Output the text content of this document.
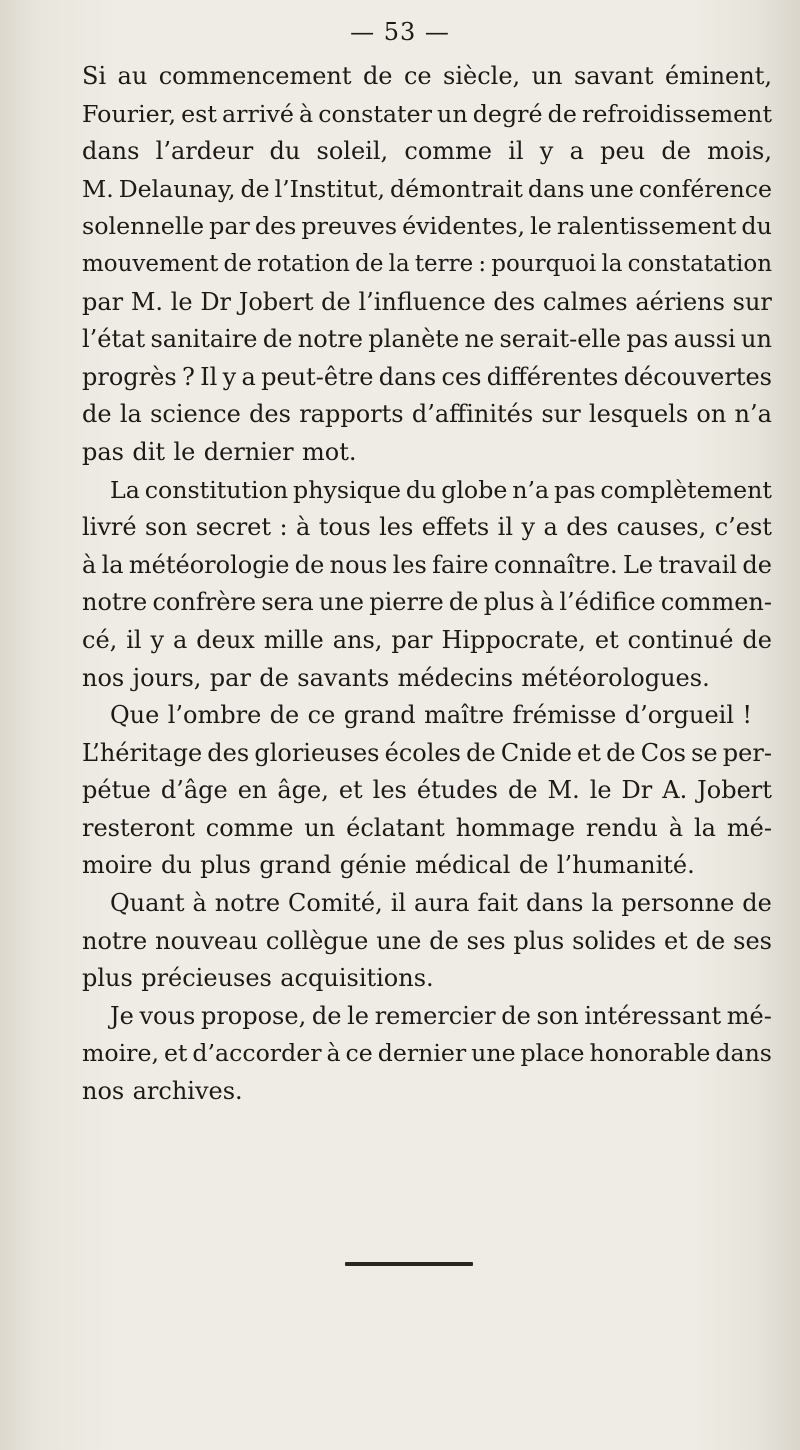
— 53 —
Si au commencement de ce siècle, un savant éminent,
Fourier, est arrivé à constater un degré de refroidissement
dans l’ardeur du soleil, comme il y a peu de mois,
M. Delaunay, de l’Institut, démontrait dans une conférence
solennelle par des preuves évidentes, le ralentissement du
mouvement de rotation de la terre : pourquoi la constatation
par M. le Dr Jobert de l’influence des calmes aériens sur
l’état sanitaire de notre planète ne serait-elle pas aussi un
progrès ? Il y a peut-être dans ces différentes découvertes
de la science des rapports d’affinités sur lesquels on n’a
pas dit le dernier mot.
La constitution physique du globe n’a pas complètement
livré son secret : à tous les effets il y a des causes, c’est
à la météorologie de nous les faire connaître. Le travail de
notre confrère sera une pierre de plus à l’édifice commen-
cé, il y a deux mille ans, par Hippocrate, et continué de
nos jours, par de savants médecins météorologues.
Que l’ombre de ce grand maître frémisse d’orgueil !
L’héritage des glorieuses écoles de Cnide et de Cos se per-
pétue d’âge en âge, et les études de M. le Dr A. Jobert
resteront comme un éclatant hommage rendu à la mé-
moire du plus grand génie médical de l’humanité.
Quant à notre Comité, il aura fait dans la personne de
notre nouveau collègue une de ses plus solides et de ses
plus précieuses acquisitions.
Je vous propose, de le remercier de son intéressant mé-
moire, et d’accorder à ce dernier une place honorable dans
nos archives.
